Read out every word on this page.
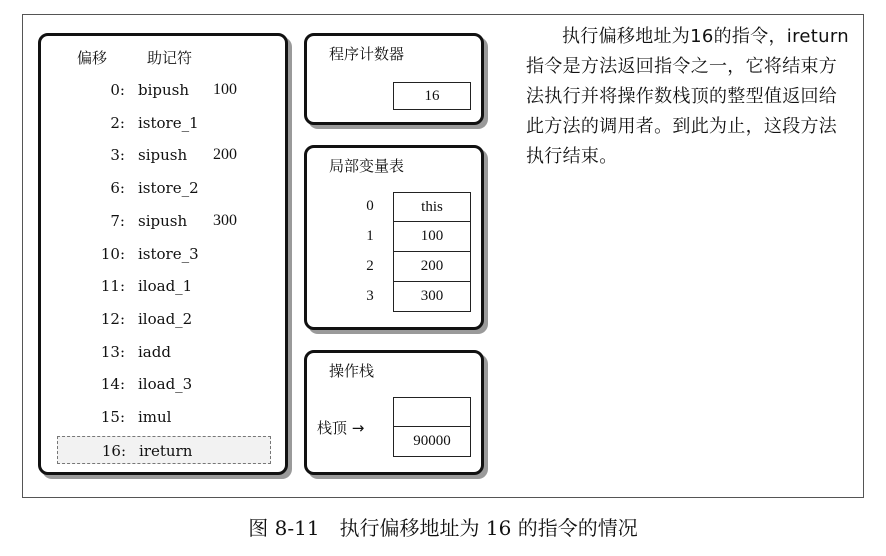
偏移	助记符
0: bipush 100
2: istore_1
3: sipush 200
6: istore_2
7: sipush 300
10: istore_3
11: iload_1
12: iload_2
13: iadd
14: iload_3
15: imul
16: ireturn
程序计数器
16
局部变量表
0	this
1	100
2	200
3	300
操作栈
栈顶 →
90000
执行偏移地址为16的指令，ireturn指令是方法返回指令之一，它将结束方法执行并将操作数栈顶的整型值返回给此方法的调用者。到此为止，这段方法执行结束。
图 8-11　执行偏移地址为 16 的指令的情况
